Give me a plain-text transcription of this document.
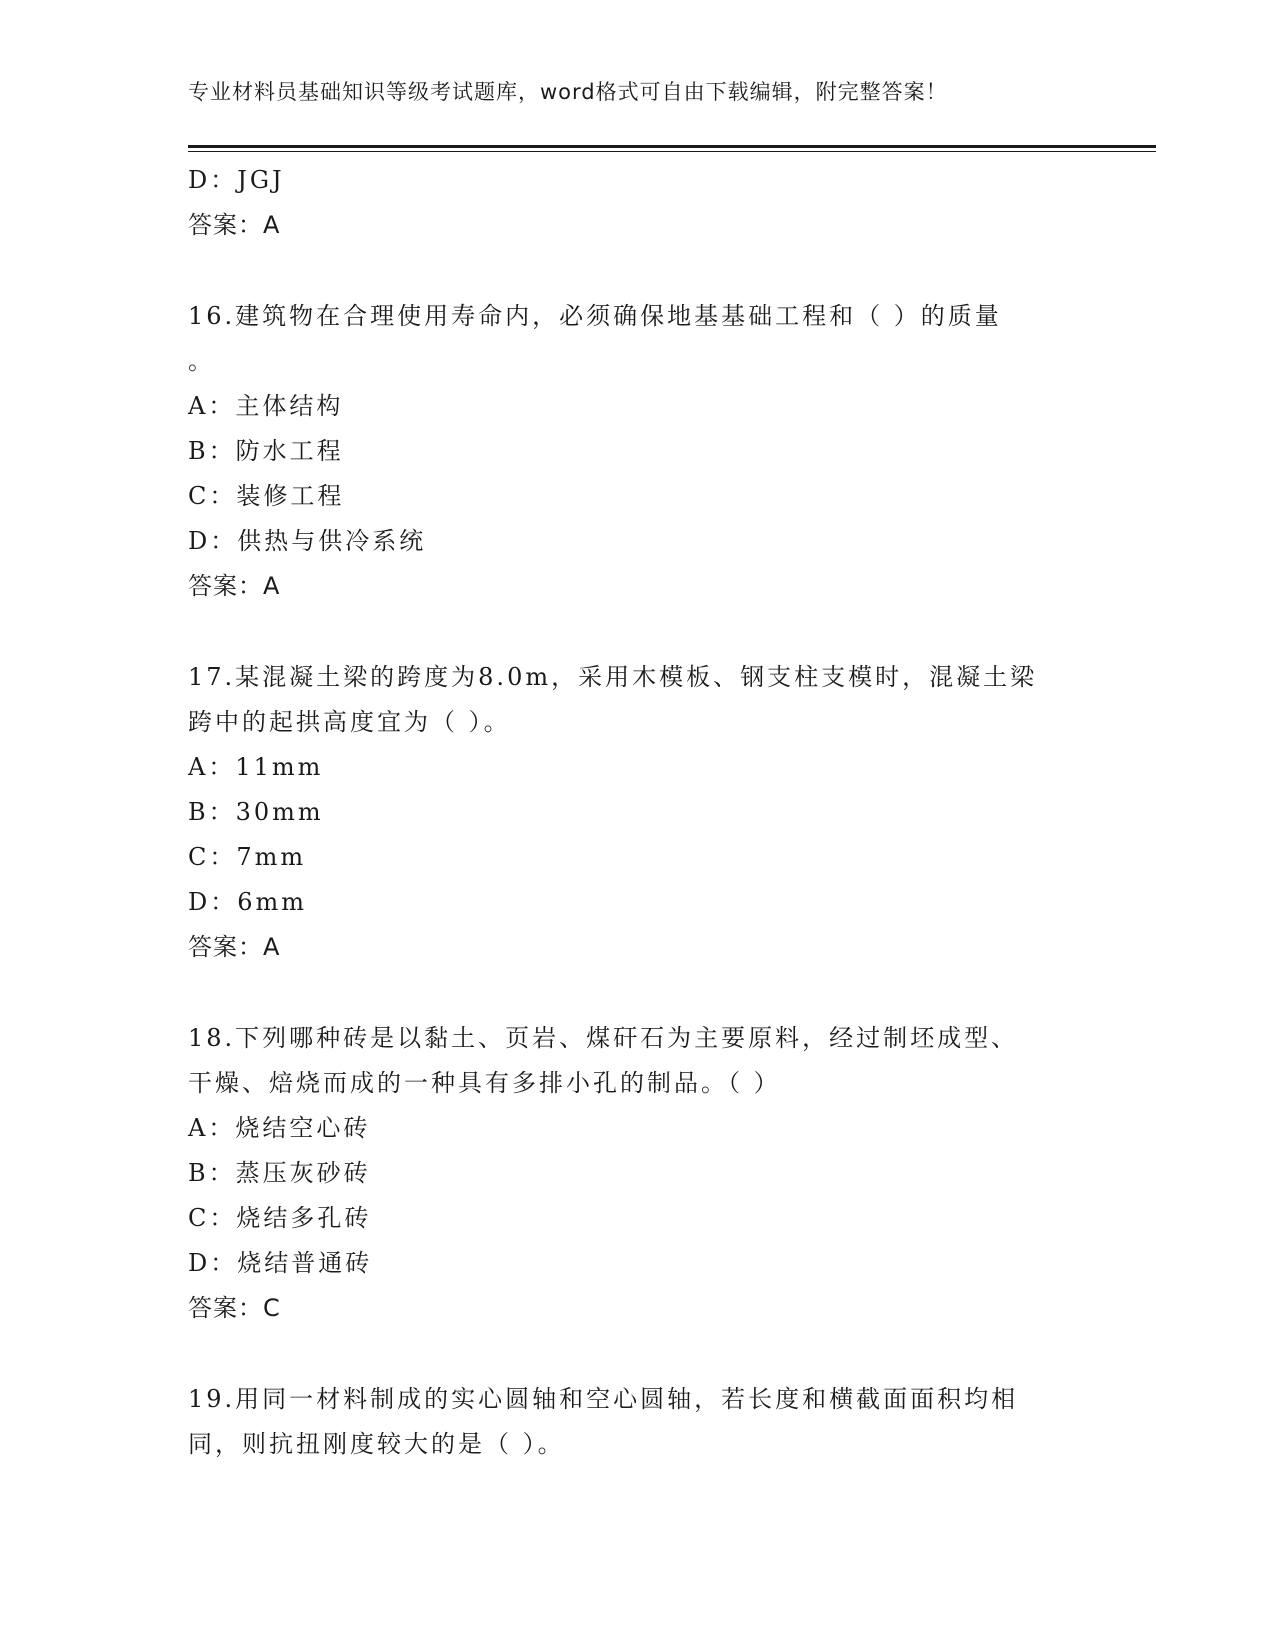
专业材料员基础知识等级考试题库，word格式可自由下载编辑，附完整答案！
D：JGJ
答案：A
16.建筑物在合理使用寿命内，必须确保地基基础工程和（ ）的质量
。
A：主体结构
B：防水工程
C：装修工程
D：供热与供冷系统
答案：A
17.某混凝土梁的跨度为8.0m，采用木模板、钢支柱支模时，混凝土梁
跨中的起拱高度宜为（ ）。
A：11mm
B：30mm
C：7mm
D：6mm
答案：A
18.下列哪种砖是以黏土、页岩、煤矸石为主要原料，经过制坯成型、
干燥、焙烧而成的一种具有多排小孔的制品。（ ）
A：烧结空心砖
B：蒸压灰砂砖
C：烧结多孔砖
D：烧结普通砖
答案：C
19.用同一材料制成的实心圆轴和空心圆轴，若长度和横截面面积均相
同，则抗扭刚度较大的是（ ）。
